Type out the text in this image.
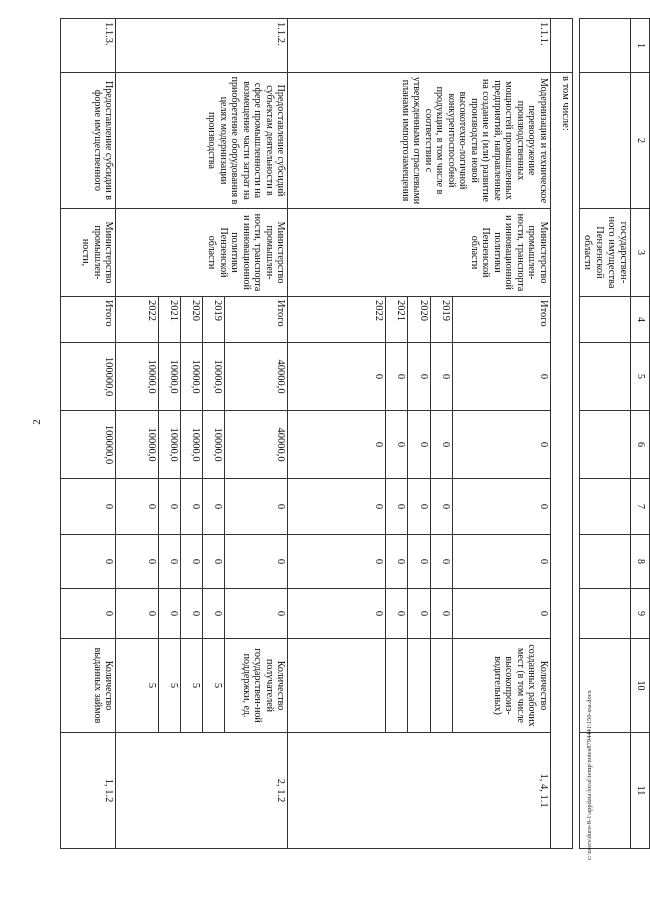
2
1	2	3	4	5	6	7	8	9	10	11
		государствен-ного имущества Пензенской области								

	в том числе:									
1.1.1.	Модернизация и техническое перевооружение производственных мощностей промышленных предприятий, направленные на создание и (или) развитие производства новой высокотехно-логичной конкурентоспособной продукции, в том числе в соответствии с утвержденными отраслевыми планами импортозамещения	Министерство промышлен-ности, транспорта и инновационной политики Пензенской области	Итого	0	0	0	0	0	Количество созданных рабочих мест (в том числе высокопроиз-водительных)	1, 4, 1.1
			2019	0	0	0	0	0		
			2020	0	0	0	0	0		
			2021	0	0	0	0	0		
			2022	0	0	0	0	0		
1.1.2.	Предоставление субсидий субъектам деятельности в сфере промышленности на возмещение части затрат на приобретение оборудования в целях модернизации производства	Министерство промышлен-ности, транспорта и инновационной политики Пензенской области	Итого	40000,0	40000,0	0	0	0	Количество получателей государствен-ной поддержки, ед.	2, 1.2
			2019	10000,0	10000,0	0	0	0	5	
			2020	10000,0	10000,0	0	0	0	5	
			2021	10000,0	10000,0	0	0	0	5	
			2022	10000,0	10000,0	0	0	0	5	
1.1.3.	Предоставление субсидии в форме имущественного	Министерство промышлен-ности,	Итого	100000,0	100000,0	0	0	0	Количество выданных займов	1, 1.2	c:\users\duro-8-1\appdata\local\temp\notes8794441\150-ssa.docx
